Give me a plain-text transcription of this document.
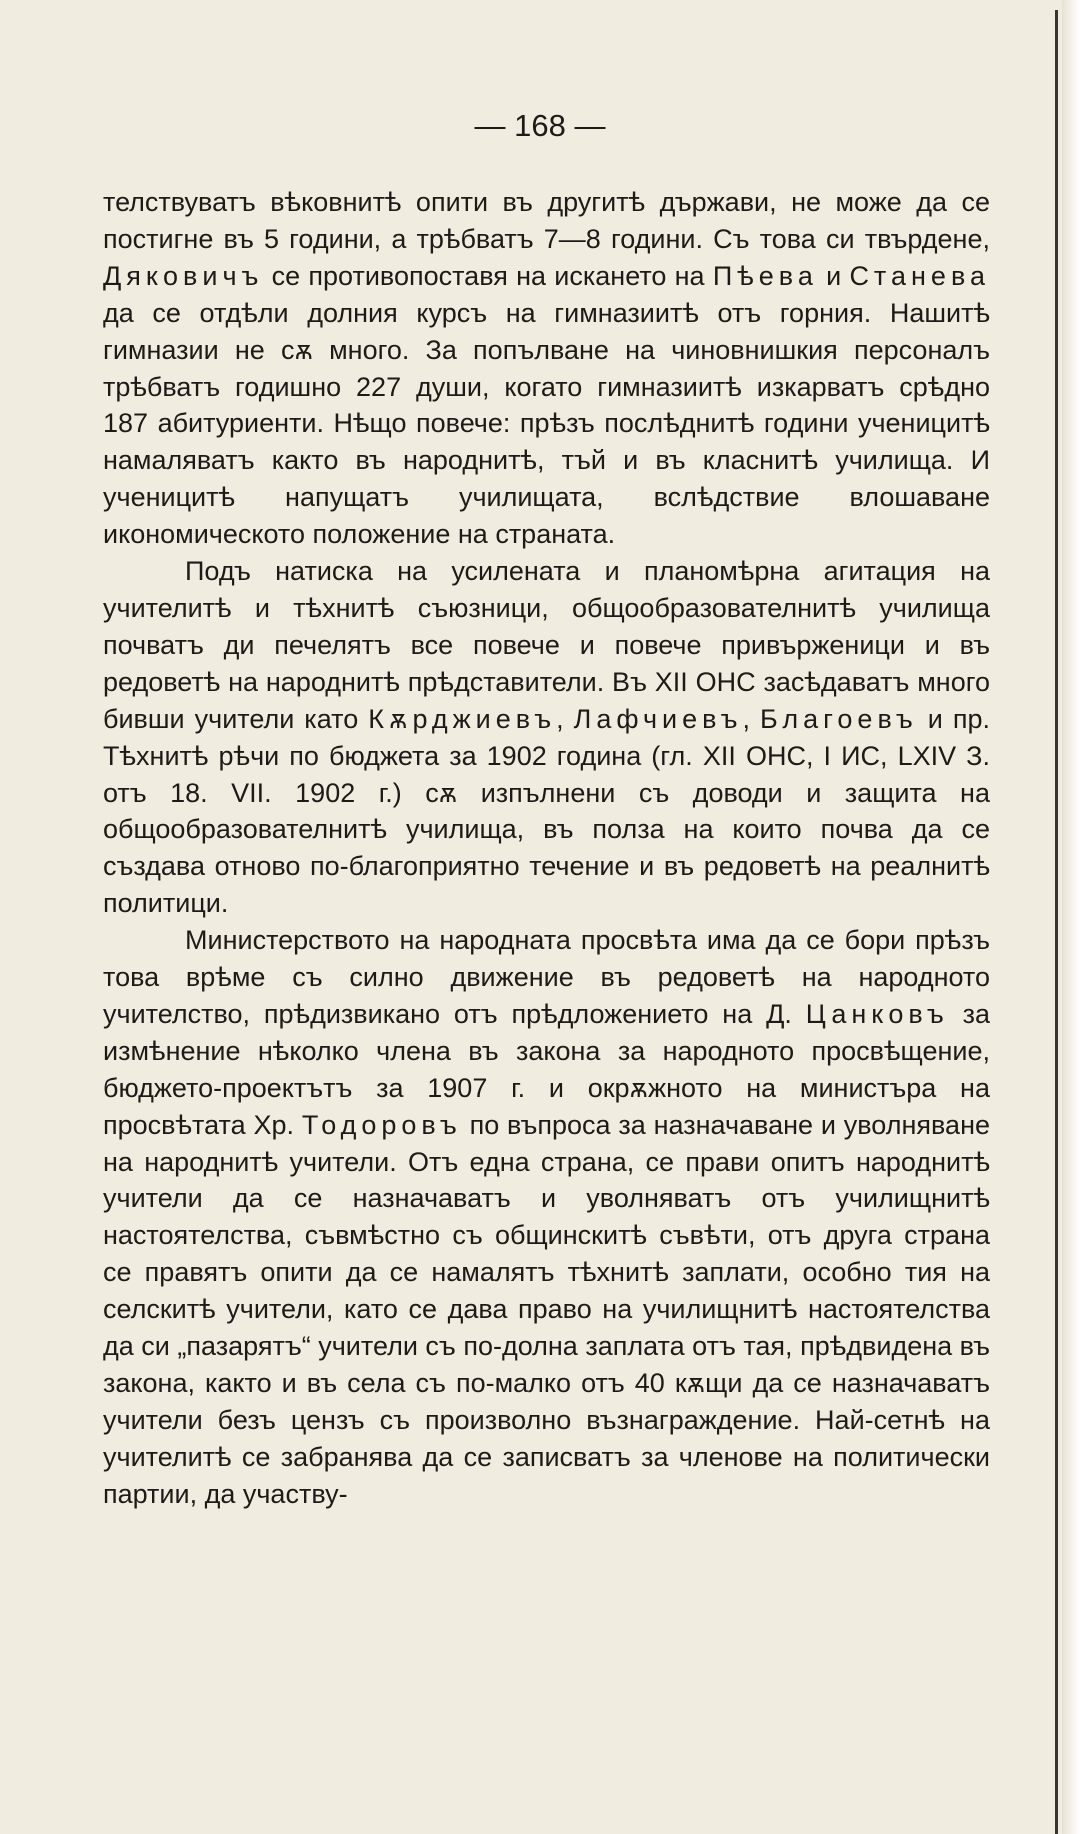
— 168 —

телствуватъ вѣковнитѣ опити въ другитѣ държави, не може да се постигне въ 5 години, а трѣбватъ 7—8 години. Съ това си твърдене, Дяковичъ се противопоставя на искането на Пѣева и Станева да се отдѣли долния курсъ на гимназиитѣ отъ горния. Нашитѣ гимназии не сѫ много. За попълване на чиновнишкия персоналъ трѣбватъ годишно 227 души, когато гимназиитѣ изкарватъ срѣдно 187 абитуриенти. Нѣщо повече: прѣзъ послѣднитѣ години ученицитѣ намаляватъ както въ народнитѣ, тъй и въ класнитѣ училища. И ученицитѣ напущатъ училищата, вслѣдствие влошаване икономическото положение на страната.

Подъ натиска на усилената и планомѣрна агитация на учителитѣ и тѣхнитѣ съюзници, общообразователнитѣ училища почватъ ди печелятъ все повече и повече привърженици и въ редоветѣ на народнитѣ прѣдставители. Въ XII ОНС засѣдаватъ много бивши учители като Кѫрджиевъ, Лафчиевъ, Благоевъ и пр. Тѣхнитѣ рѣчи по бюджета за 1902 година (гл. XII ОНС, I ИС, LXIV З. отъ 18. VII. 1902 г.) сѫ изпълнени съ доводи и защита на общообразователнитѣ училища, въ полза на които почва да се създава отново по-благоприятно течение и въ редоветѣ на реалнитѣ политици.

Министерството на народната просвѣта има да се бори прѣзъ това врѣме съ силно движение въ редоветѣ на народното учителство, прѣдизвикано отъ прѣдложението на Д. Цанковъ за измѣнение нѣколко члена въ закона за народното просвѣщение, бюджето-проектътъ за 1907 г. и окрѫжното на министъра на просвѣтата Хр. Тодоровъ по въпроса за назначаване и уволняване на народнитѣ учители. Отъ една страна, се прави опитъ народнитѣ учители да се назначаватъ и уволняватъ отъ училищнитѣ настоятелства, съвмѣстно съ общинскитѣ съвѣти, отъ друга страна се правятъ опити да се намалятъ тѣхнитѣ заплати, особно тия на селскитѣ учители, като се дава право на училищнитѣ настоятелства да си „пазарятъ“ учители съ по-долна заплата отъ тая, прѣдвидена въ закона, както и въ села съ по-малко отъ 40 кѫщи да се назначаватъ учители безъ цензъ съ произволно възнаграждение. Най-сетнѣ на учителитѣ се забранява да се записватъ за членове на политически партии, да участву-
